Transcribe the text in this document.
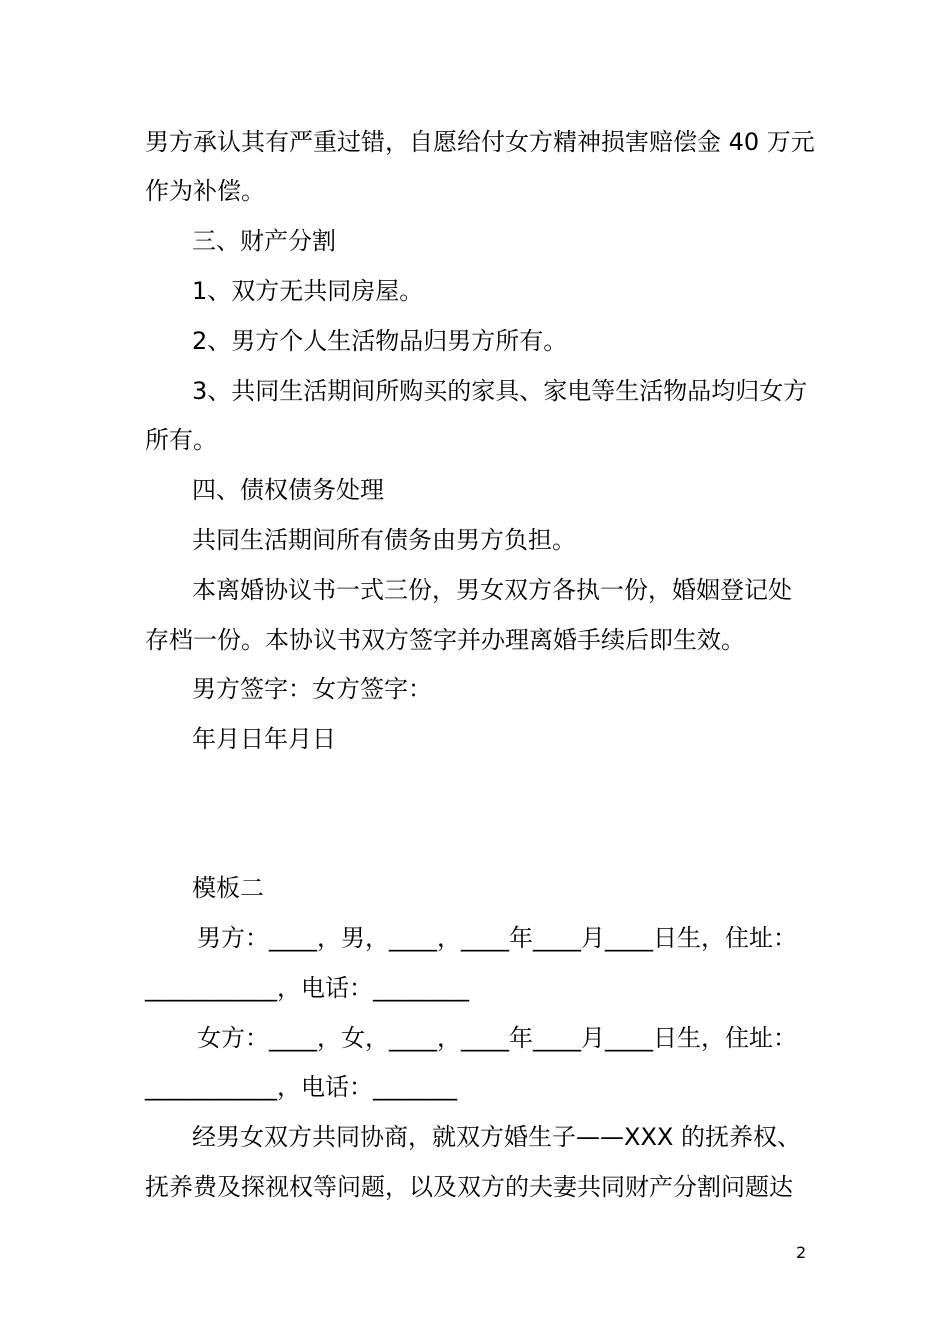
男方承认其有严重过错，自愿给付女方精神损害赔偿金 40 万元
作为补偿。
三、财产分割
1、双方无共同房屋。
2、男方个人生活物品归男方所有。
3、共同生活期间所购买的家具、家电等生活物品均归女方
所有。
四、债权债务处理
共同生活期间所有债务由男方负担。
本离婚协议书一式三份，男女双方各执一份，婚姻登记处
存档一份。本协议书双方签字并办理离婚手续后即生效。
男方签字：女方签字：
年月日年月日
模板二
男方：____，男，____，____年____月____日生，住址：
___________，电话：________
女方：____，女，____，____年____月____日生，住址：
___________，电话：_______
经男女双方共同协商，就双方婚生子——XXX 的抚养权、
抚养费及探视权等问题，以及双方的夫妻共同财产分割问题达
2
